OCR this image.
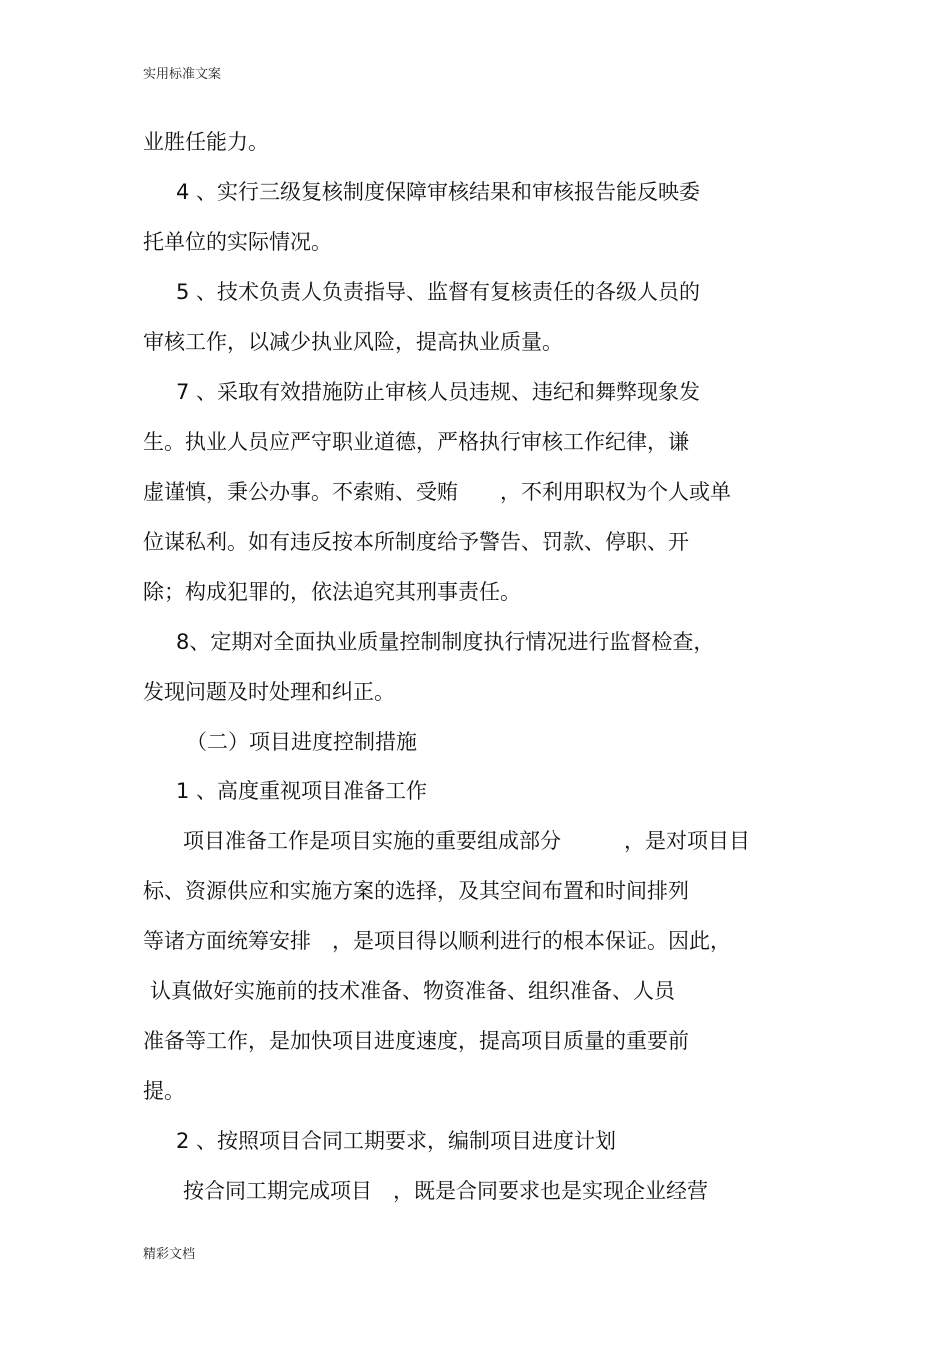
实用标准文案
业胜任能力。
4 、实行三级复核制度保障审核结果和审核报告能反映委
托单位的实际情况。
5 、技术负责人负责指导、监督有复核责任的各级人员的
审核工作，以减少执业风险，提高执业质量。
7 、采取有效措施防止审核人员违规、违纪和舞弊现象发
生。执业人员应严守职业道德，严格执行审核工作纪律，谦
虚谨慎，秉公办事。不索贿、受贿　　，不利用职权为个人或单
位谋私利。如有违反按本所制度给予警告、罚款、停职、开
除；构成犯罪的，依法追究其刑事责任。
8、定期对全面执业质量控制制度执行情况进行监督检查，
发现问题及时处理和纠正。
（二）项目进度控制措施
1 、高度重视项目准备工作
项目准备工作是项目实施的重要组成部分　　　，是对项目目
标、资源供应和实施方案的选择，及其空间布置和时间排列
等诸方面统筹安排　，是项目得以顺利进行的根本保证。因此，
认真做好实施前的技术准备、物资准备、组织准备、人员
准备等工作，是加快项目进度速度，提高项目质量的重要前
提。
2 、按照项目合同工期要求，编制项目进度计划
按合同工期完成项目　，既是合同要求也是实现企业经营
精彩文档
